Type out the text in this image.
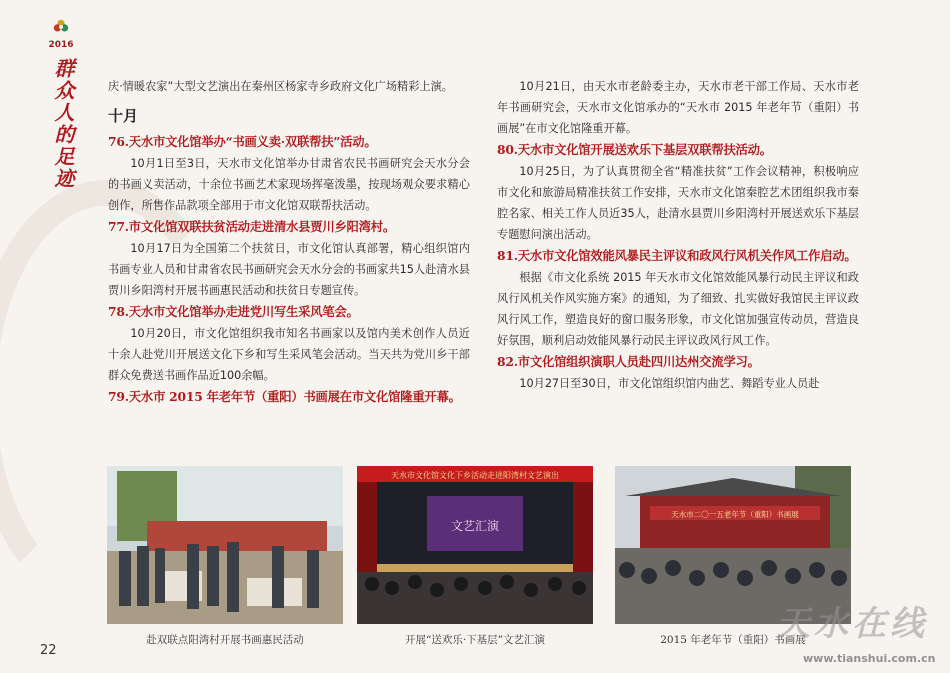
2016
群众人的足迹	庆·情暖农家”大型文艺演出在秦州区杨家寺乡政府文化广场精彩上演。

十月
76.天水市文化馆举办“书画义卖·双联帮扶”活动。

10月1日至3日，天水市文化馆举办甘肃省农民书画研究会天水分会的书画义卖活动，十余位书画艺术家现场挥毫泼墨，按现场观众要求精心创作，所售作品款项全部用于市文化馆双联帮扶活动。

77.市文化馆双联扶贫活动走进清水县贾川乡阳湾村。

10月17日为全国第二个扶贫日，市文化馆认真部署，精心组织馆内书画专业人员和甘肃省农民书画研究会天水分会的书画家共15人赴清水县贾川乡阳湾村开展书画惠民活动和扶贫日专题宣传。

78.天水市文化馆举办走进党川写生采风笔会。

10月20日，市文化馆组织我市知名书画家以及馆内美术创作人员近十余人赴党川开展送文化下乡和写生采风笔会活动。当天共为党川乡干部群众免费送书画作品近100余幅。

79.天水市 2015 年老年节（重阳）书画展在市文化馆隆重开幕。

10月21日，由天水市老龄委主办，天水市老干部工作局、天水市老年书画研究会，天水市文化馆承办的“天水市 2015 年老年节（重阳）书画展”在市文化馆隆重开幕。

80.天水市文化馆开展送欢乐下基层双联帮扶活动。

10月25日，为了认真贯彻全省“精准扶贫”工作会议精神，积极响应市文化和旅游局精准扶贫工作安排，天水市文化馆秦腔艺术团组织我市秦腔名家、相关工作人员近35人，赴清水县贾川乡阳湾村开展送欢乐下基层专题慰问演出活动。

81.天水市文化馆效能风暴民主评议和政风行风机关作风工作启动。

根据《市文化系统 2015 年天水市文化馆效能风暴行动民主评议和政风行风机关作风实施方案》的通知，为了细致、扎实做好我馆民主评议政风行风工作，塑造良好的窗口服务形象，市文化馆加强宣传动员，营造良好氛围，顺利启动效能风暴行动民主评议政风行风工作。

82.市文化馆组织演职人员赴四川达州交流学习。

10月27日至30日，市文化馆组织馆内曲艺、舞蹈专业人员赴

赴双联点阳湾村开展书画惠民活动
天水市文化馆文化下乡活动走进阳湾村文艺演出
文艺汇演
开展“送欢乐·下基层”文艺汇演
天水市二〇一五老年节（重阳）书画展
2015 年老年节（重阳）书画展
22
天水在线
www.tianshui.com.cn
